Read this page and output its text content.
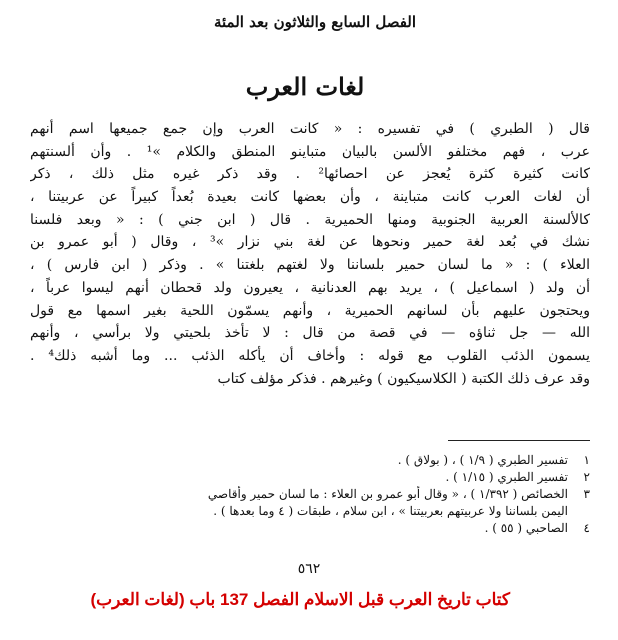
الفصل السابع والثلاثون بعد المئة
لغات العرب
قال ( الطبري ) في تفسيره : « كانت العرب وإن جمع جميعها اسم أنهم
عرب ، فهم مختلفو الألسن بالبيان متباينو المنطق والكلام »¹ . وأن ألسنتهم
كانت كثيرة كثرة يُعجز عن احصائها² . وقد ذكر غيره مثل ذلك ، ذكر
أن لغات العرب كانت متباينة ، وأن بعضها كانت بعيدة بُعداً كبيراً عن عربيتنا ،
كالألسنة العربية الجنوبية ومنها الحميرية . قال ( ابن جني ) : « وبعد فلسنا
نشك في بُعد لغة حمير ونحوها عن لغة بني نزار »³ ، وقال ( أبو عمرو بن
العلاء ) : « ما لسان حمير بلساننا ولا لغتهم بلغتنا » . وذكر ( ابن فارس ) ،
أن ولد ( اسماعيل ) ، يريد بهم العدنانية ، يعيرون ولد قحطان أنهم ليسوا عرباً ،
ويحتجون عليهم بأن لسانهم الحميرية ، وأنهم يسمّون اللحية بغير اسمها مع قول
الله — جل ثناؤه — في قصة من قال : لا تأخذ بلحيتي ولا برأسي ، وأنهم
يسمون الذئب القلوب مع قوله : وأخاف أن يأكله الذئب ... وما أشبه ذلك⁴ .
وقد عرف ذلك الكتبة ( الكلاسيكيون ) وغيرهم . فذكر مؤلف كتاب
١
تفسير الطبري ( ١/٩ ) ، ( بولاق ) .
٢
تفسير الطبري ( ١/١٥ ) .
٣
الخصائص ( ١/٣٩٢ ) ، « وقال أبو عمرو بن العلاء : ما لسان حمير وأقاصي
اليمن بلساننا ولا عربيتهم بعربيتنا » ، ابن سلام ، طبقات ( ٤ وما بعدها ) .
٤
الصاحبي ( ٥٥ ) .
٥٦٢
كتاب تاريخ العرب قبل الاسلام الفصل 137 باب (لغات العرب)
